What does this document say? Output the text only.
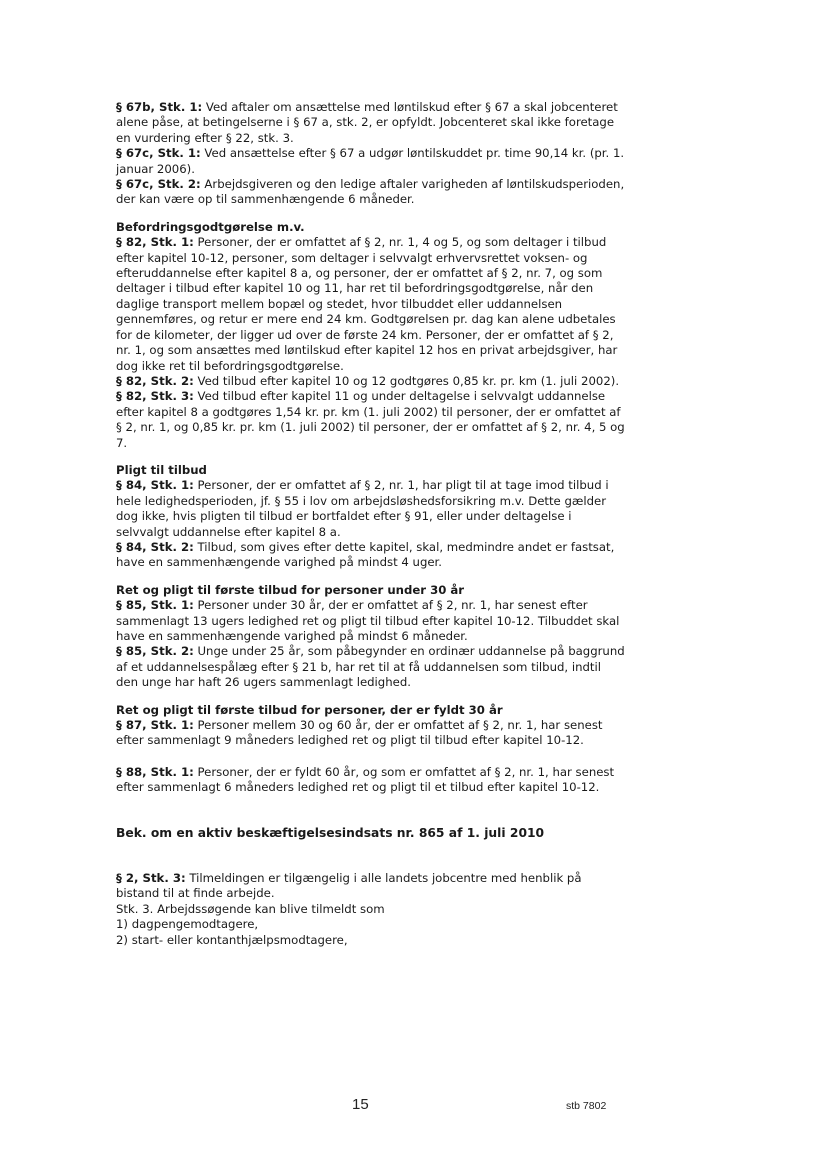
§ 67b, Stk. 1: Ved aftaler om ansættelse med løntilskud efter § 67 a skal jobcenteret alene påse, at betingelserne i § 67 a, stk. 2, er opfyldt. Jobcenteret skal ikke foretage en vurdering efter § 22, stk. 3.

§ 67c, Stk. 1: Ved ansættelse efter § 67 a udgør løntilskuddet pr. time 90,14 kr. (pr. 1. januar 2006).

§ 67c, Stk. 2: Arbejdsgiveren og den ledige aftaler varigheden af løntilskudsperioden, der kan være op til sammenhængende 6 måneder.

Befordringsgodtgørelse m.v.

§ 82, Stk. 1: Personer, der er omfattet af § 2, nr. 1, 4 og 5, og som deltager i tilbud efter kapitel 10-12, personer, som deltager i selvvalgt erhvervsrettet voksen- og efteruddannelse efter kapitel 8 a, og personer, der er omfattet af § 2, nr. 7, og som deltager i tilbud efter kapitel 10 og 11, har ret til befordringsgodtgørelse, når den daglige transport mellem bopæl og stedet, hvor tilbuddet eller uddannelsen gennemføres, og retur er mere end 24 km. Godtgørelsen pr. dag kan alene udbetales for de kilometer, der ligger ud over de første 24 km. Personer, der er omfattet af § 2, nr. 1, og som ansættes med løntilskud efter kapitel 12 hos en privat arbejdsgiver, har dog ikke ret til befordringsgodtgørelse.

§ 82, Stk. 2: Ved tilbud efter kapitel 10 og 12 godtgøres 0,85 kr. pr. km (1. juli 2002).

§ 82, Stk. 3: Ved tilbud efter kapitel 11 og under deltagelse i selvvalgt uddannelse efter kapitel 8 a godtgøres 1,54 kr. pr. km (1. juli 2002) til personer, der er omfattet af § 2, nr. 1, og 0,85 kr. pr. km (1. juli 2002) til personer, der er omfattet af § 2, nr. 4, 5 og 7.

Pligt til tilbud

§ 84, Stk. 1: Personer, der er omfattet af § 2, nr. 1, har pligt til at tage imod tilbud i hele ledighedsperioden, jf. § 55 i lov om arbejdsløshedsforsikring m.v. Dette gælder dog ikke, hvis pligten til tilbud er bortfaldet efter § 91, eller under deltagelse i selvvalgt uddannelse efter kapitel 8 a.

§ 84, Stk. 2: Tilbud, som gives efter dette kapitel, skal, medmindre andet er fastsat, have en sammenhængende varighed på mindst 4 uger.

Ret og pligt til første tilbud for personer under 30 år

§ 85, Stk. 1: Personer under 30 år, der er omfattet af § 2, nr. 1, har senest efter sammenlagt 13 ugers ledighed ret og pligt til tilbud efter kapitel 10-12. Tilbuddet skal have en sammenhængende varighed på mindst 6 måneder.

§ 85, Stk. 2: Unge under 25 år, som påbegynder en ordinær uddannelse på baggrund af et uddannelsespålæg efter § 21 b, har ret til at få uddannelsen som tilbud, indtil den unge har haft 26 ugers sammenlagt ledighed.

Ret og pligt til første tilbud for personer, der er fyldt 30 år

§ 87, Stk. 1: Personer mellem 30 og 60 år, der er omfattet af § 2, nr. 1, har senest efter sammenlagt 9 måneders ledighed ret og pligt til tilbud efter kapitel 10-12.

§ 88, Stk. 1: Personer, der er fyldt 60 år, og som er omfattet af § 2, nr. 1, har senest efter sammenlagt 6 måneders ledighed ret og pligt til et tilbud efter kapitel 10-12.

Bek. om en aktiv beskæftigelsesindsats nr. 865 af 1. juli 2010

§ 2, Stk. 3: Tilmeldingen er tilgængelig i alle landets jobcentre med henblik på bistand til at finde arbejde.

Stk. 3. Arbejdssøgende kan blive tilmeldt som

1) dagpengemodtagere,

2) start- eller kontanthjælpsmodtagere,

15	stb 7802
